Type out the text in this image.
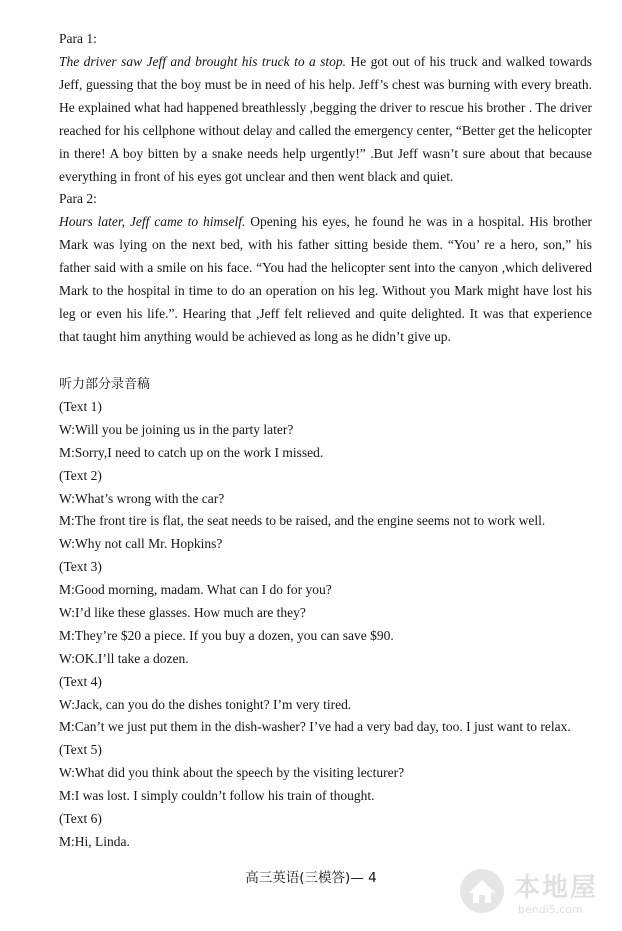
Para 1:

The driver saw Jeff and brought his truck to a stop. He got out of his truck and walked towards Jeff, guessing that the boy must be in need of his help. Jeff’s chest was burning with every breath. He explained what had happened breathlessly ,begging the driver to rescue his brother . The driver reached for his cellphone without delay and called the emergency center, “Better get the helicopter in there! A boy bitten by a snake needs help urgently!” .But Jeff wasn’t sure about that because everything in front of his eyes got unclear and then went black and quiet.

Para 2:

Hours later, Jeff came to himself. Opening his eyes, he found he was in a hospital. His brother Mark was lying on the next bed, with his father sitting beside them. “You’ re a hero, son,” his father said with a smile on his face. “You had the helicopter sent into the canyon ,which delivered Mark to the hospital in time to do an operation on his leg. Without you Mark might have lost his leg or even his life.”. Hearing that ,Jeff felt relieved and quite delighted. It was that experience that taught him anything would be achieved as long as he didn’t give up.

听力部分录音稿
(Text 1)
W:Will you be joining us in the party later?
M:Sorry,I need to catch up on the work I missed.
(Text 2)
W:What’s wrong with the car?
M:The front tire is flat, the seat needs to be raised, and the engine seems not to work well.
W:Why not call Mr. Hopkins?
(Text 3)
M:Good morning, madam. What can I do for you?
W:I’d like these glasses. How much are they?
M:They’re $20 a piece. If you buy a dozen, you can save $90.
W:OK.I’ll take a dozen.
(Text 4)
W:Jack, can you do the dishes tonight? I’m very tired.
M:Can’t we just put them in the dish-washer? I’ve had a very bad day, too. I just want to relax.
(Text 5)
W:What did you think about the speech by the visiting lecturer?
M:I was lost. I simply couldn’t follow his train of thought.
(Text 6)
M:Hi, Linda.
高三英语(三模答)— 4	本地屋
bendi5.com
